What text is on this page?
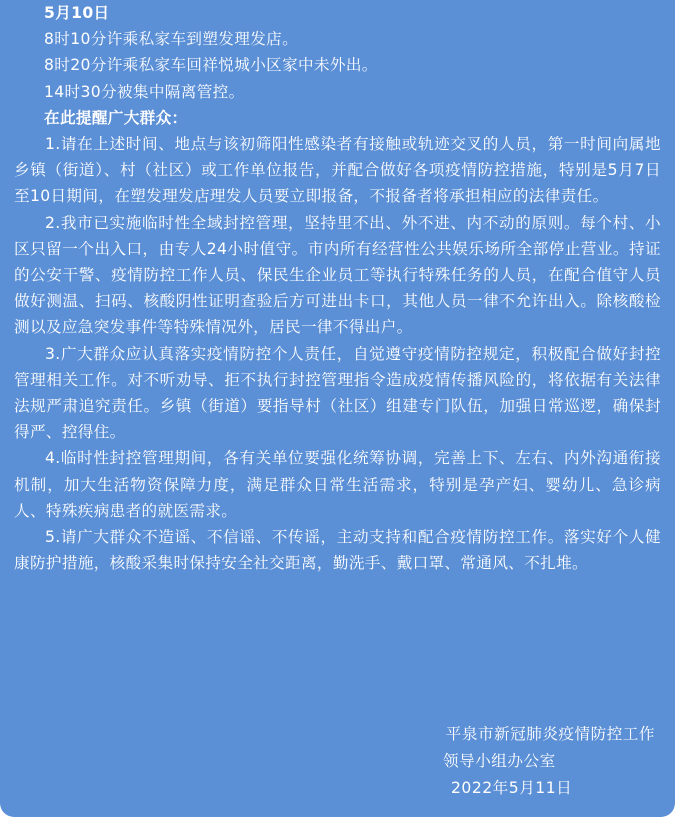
5月10日

8时10分许乘私家车到塑发理发店。

8时20分许乘私家车回祥悦城小区家中未外出。

14时30分被集中隔离管控。

在此提醒广大群众：

1.请在上述时间、地点与该初筛阳性感染者有接触或轨迹交叉的人员，第一时间向属地乡镇（街道）、村（社区）或工作单位报告，并配合做好各项疫情防控措施，特别是5月7日至10日期间，在塑发理发店理发人员要立即报备，不报备者将承担相应的法律责任。

2.我市已实施临时性全域封控管理，坚持里不出、外不进、内不动的原则。每个村、小区只留一个出入口，由专人24小时值守。市内所有经营性公共娱乐场所全部停止营业。持证的公安干警、疫情防控工作人员、保民生企业员工等执行特殊任务的人员，在配合值守人员做好测温、扫码、核酸阴性证明查验后方可进出卡口，其他人员一律不允许出入。除核酸检测以及应急突发事件等特殊情况外，居民一律不得出户。

3.广大群众应认真落实疫情防控个人责任，自觉遵守疫情防控规定，积极配合做好封控管理相关工作。对不听劝导、拒不执行封控管理指令造成疫情传播风险的，将依据有关法律法规严肃追究责任。乡镇（街道）要指导村（社区）组建专门队伍，加强日常巡逻，确保封得严、控得住。

4.临时性封控管理期间，各有关单位要强化统筹协调，完善上下、左右、内外沟通衔接机制，加大生活物资保障力度，满足群众日常生活需求，特别是孕产妇、婴幼儿、急诊病人、特殊疾病患者的就医需求。

5.请广大群众不造谣、不信谣、不传谣，主动支持和配合疫情防控工作。落实好个人健康防护措施，核酸采集时保持安全社交距离，勤洗手、戴口罩、常通风、不扎堆。

平泉市新冠肺炎疫情防控工作

领导小组办公室

2022年5月11日
